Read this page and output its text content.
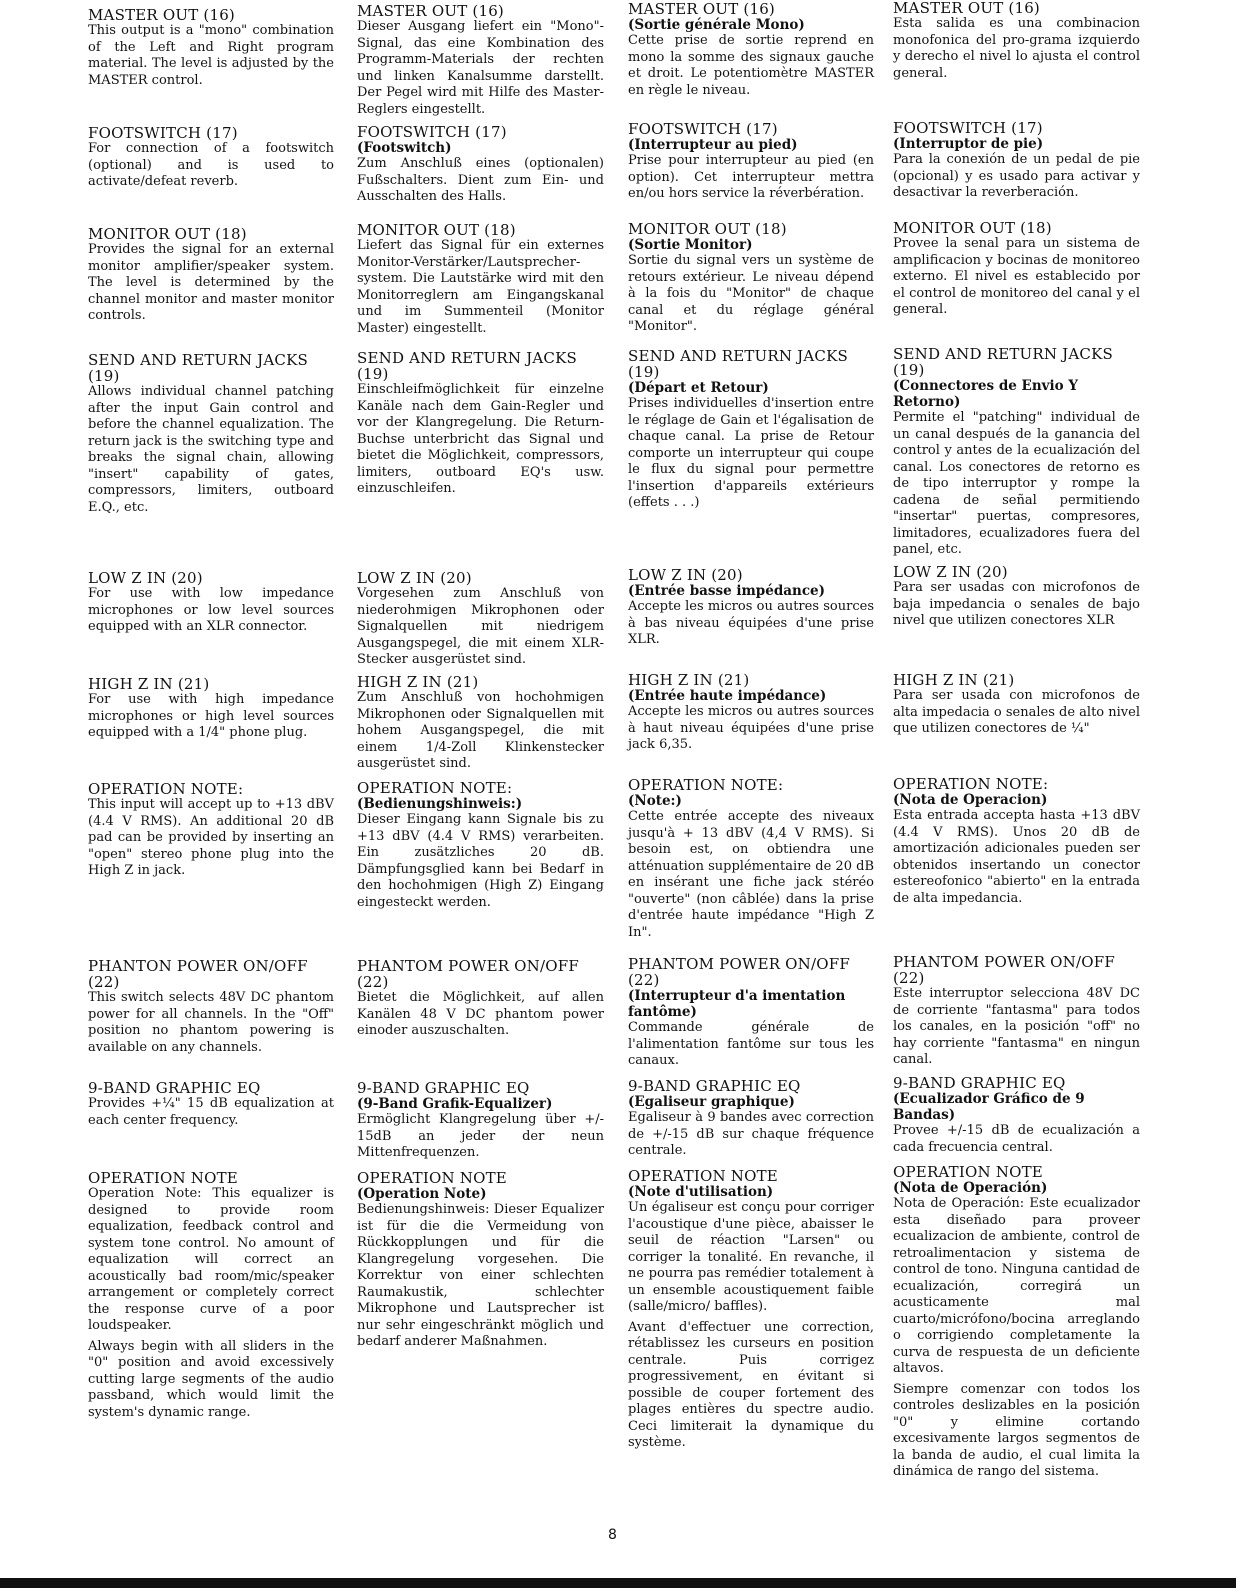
MASTER OUT (16)

This output is a "mono" combination of the Left and Right program material. The level is adjusted by the MASTER control.

FOOTSWITCH (17)

For connection of a footswitch (optional) and is used to activate/defeat reverb.

MONITOR OUT (18)

Provides the signal for an external monitor amplifier/speaker system. The level is determined by the channel monitor and master monitor controls.

SEND AND RETURN JACKS (19)

Allows individual channel patching after the input Gain control and before the channel equalization. The return jack is the switching type and breaks the signal chain, allowing "insert" capability of gates, compressors, limiters, outboard E.Q., etc.

LOW Z IN (20)

For use with low impedance microphones or low level sources equipped with an XLR connector.

HIGH Z IN (21)

For use with high impedance microphones or high level sources equipped with a 1/4" phone plug.

OPERATION NOTE:

This input will accept up to +13 dBV (4.4 V RMS). An additional 20 dB pad can be provided by inserting an "open" stereo phone plug into the High Z in jack.

PHANTON POWER ON/OFF (22)

This switch selects 48V DC phantom power for all channels. In the "Off" position no phantom powering is available on any channels.

9-BAND GRAPHIC EQ

Provides +¼" 15 dB equalization at each center frequency.

OPERATION NOTE

Operation Note: This equalizer is designed to provide room equalization, feedback control and system tone control. No amount of equalization will correct an acoustically bad room/mic/speaker arrangement or completely correct the response curve of a poor loudspeaker.

Always begin with all sliders in the "0" position and avoid excessively cutting large segments of the audio passband, which would limit the system's dynamic range.

MASTER OUT (16)

Dieser Ausgang liefert ein "Mono"-Signal, das eine Kombination des Programm-Materials der rechten und linken Kanalsumme darstellt. Der Pegel wird mit Hilfe des Master-Reglers eingestellt.

FOOTSWITCH (17)
(Footswitch)

Zum Anschluß eines (optionalen) Fußschalters. Dient zum Ein- und Ausschalten des Halls.

MONITOR OUT (18)

Liefert das Signal für ein externes Monitor-Verstärker/Lautsprecher-system. Die Lautstärke wird mit den Monitorreglern am Eingangskanal und im Summenteil (Monitor Master) eingestellt.

SEND AND RETURN JACKS (19)

Einschleifmöglichkeit für einzelne Kanäle nach dem Gain-Regler und vor der Klangregelung. Die Return-Buchse unterbricht das Signal und bietet die Möglichkeit, compressors, limiters, outboard EQ's usw. einzuschleifen.

LOW Z IN (20)

Vorgesehen zum Anschluß von niederohmigen Mikrophonen oder Signalquellen mit niedrigem Ausgangspegel, die mit einem XLR-Stecker ausgerüstet sind.

HIGH Z IN (21)

Zum Anschluß von hochohmigen Mikrophonen oder Signalquellen mit hohem Ausgangspegel, die mit einem 1/4-Zoll Klinkenstecker ausgerüstet sind.

OPERATION NOTE:
(Bedienungshinweis:)

Dieser Eingang kann Signale bis zu +13 dBV (4.4 V RMS) verarbeiten. Ein zusätzliches 20 dB. Dämpfungsglied kann bei Bedarf in den hochohmigen (High Z) Eingang eingesteckt werden.

PHANTOM POWER ON/OFF (22)

Bietet die Möglichkeit, auf allen Kanälen 48 V DC phantom power einoder auszuschalten.

9-BAND GRAPHIC EQ
(9-Band Grafik-Equalizer)

Ermöglicht Klangregelung über +/- 15dB an jeder der neun Mittenfrequenzen.

OPERATION NOTE
(Operation Note)

Bedienungshinweis: Dieser Equalizer ist für die die Vermeidung von Rückkopplungen und für die Klangregelung vorgesehen. Die Korrektur von einer schlechten Raumakustik, schlechter Mikrophone und Lautsprecher ist nur sehr eingeschränkt möglich und bedarf anderer Maßnahmen.

MASTER OUT (16)
(Sortie générale Mono)

Cette prise de sortie reprend en mono la somme des signaux gauche et droit. Le potentiomètre MASTER en règle le niveau.

FOOTSWITCH (17)
(Interrupteur au pied)

Prise pour interrupteur au pied (en option). Cet interrupteur mettra en/ou hors service la réverbération.

MONITOR OUT (18)
(Sortie Monitor)

Sortie du signal vers un système de retours extérieur. Le niveau dépend à la fois du "Monitor" de chaque canal et du réglage général "Monitor".

SEND AND RETURN JACKS (19)
(Départ et Retour)

Prises individuelles d'insertion entre le réglage de Gain et l'égalisation de chaque canal. La prise de Retour comporte un interrupteur qui coupe le flux du signal pour permettre l'insertion d'appareils extérieurs (effets . . .)

LOW Z IN (20)
(Entrée basse impédance)

Accepte les micros ou autres sources à bas niveau équipées d'une prise XLR.

HIGH Z IN (21)
(Entrée haute impédance)

Accepte les micros ou autres sources à haut niveau équipées d'une prise jack 6,35.

OPERATION NOTE:
(Note:)

Cette entrée accepte des niveaux jusqu'à + 13 dBV (4,4 V RMS). Si besoin est, on obtiendra une atténuation supplémentaire de 20 dB en insérant une fiche jack stéréo "ouverte" (non câblée) dans la prise d'entrée haute impédance "High Z In".

PHANTOM POWER ON/OFF (22)
(Interrupteur d'a imentation fantôme)

Commande générale de l'alimentation fantôme sur tous les canaux.

9-BAND GRAPHIC EQ
(Egaliseur graphique)

Egaliseur à 9 bandes avec correction de +/-15 dB sur chaque fréquence centrale.

OPERATION NOTE
(Note d'utilisation)

Un égaliseur est conçu pour corriger l'acoustique d'une pièce, abaisser le seuil de réaction "Larsen" ou corriger la tonalité. En revanche, il ne pourra pas remédier totalement à un ensemble acoustiquement faible (salle/micro/ baffles).

Avant d'effectuer une correction, rétablissez les curseurs en position centrale. Puis corrigez progressivement, en évitant si possible de couper fortement des plages entières du spectre audio. Ceci limiterait la dynamique du système.

MASTER OUT (16)

Esta salida es una combinacion monofonica del pro-grama izquierdo y derecho el nivel lo ajusta el control general.

FOOTSWITCH (17)
(Interruptor de pie)

Para la conexión de un pedal de pie (opcional) y es usado para activar y desactivar la reverberación.

MONITOR OUT (18)

Provee la senal para un sistema de amplificacion y bocinas de monitoreo externo. El nivel es establecido por el control de monitoreo del canal y el general.

SEND AND RETURN JACKS (19)
(Connectores de Envio Y Retorno)

Permite el "patching" individual de un canal después de la ganancia del control y antes de la ecualización del canal. Los conectores de retorno es de tipo interruptor y rompe la cadena de señal permitiendo "insertar" puertas, compresores, limitadores, ecualizadores fuera del panel, etc.

LOW Z IN (20)

Para ser usadas con microfonos de baja impedancia o senales de bajo nivel que utilizen conectores XLR

HIGH Z IN (21)

Para ser usada con microfonos de alta impedacia o senales de alto nivel que utilizen conectores de ¼"

OPERATION NOTE:
(Nota de Operacion)

Esta entrada accepta hasta +13 dBV (4.4 V RMS). Unos 20 dB de amortización adicionales pueden ser obtenidos insertando un conector estereofonico "abierto" en la entrada de alta impedancia.

PHANTOM POWER ON/OFF (22)

Este interruptor selecciona 48V DC de corriente "fantasma" para todos los canales, en la posición "off" no hay corriente "fantasma" en ningun canal.

9-BAND GRAPHIC EQ
(Ecualizador Gráfico de 9 Bandas)

Provee +/-15 dB de ecualización a cada frecuencia central.

OPERATION NOTE
(Nota de Operación)

Nota de Operación: Este ecualizador esta diseñado para proveer ecualizacion de ambiente, control de retroalimentacion y sistema de control de tono. Ninguna cantidad de ecualización, corregirá un acusticamente mal cuarto/micrófono/bocina arreglando o corrigiendo completamente la curva de respuesta de un deficiente altavos.

Siempre comenzar con todos los controles deslizables en la posición "0" y elimine cortando excesivamente largos segmentos de la banda de audio, el cual limita la dinámica de rango del sistema.

8
